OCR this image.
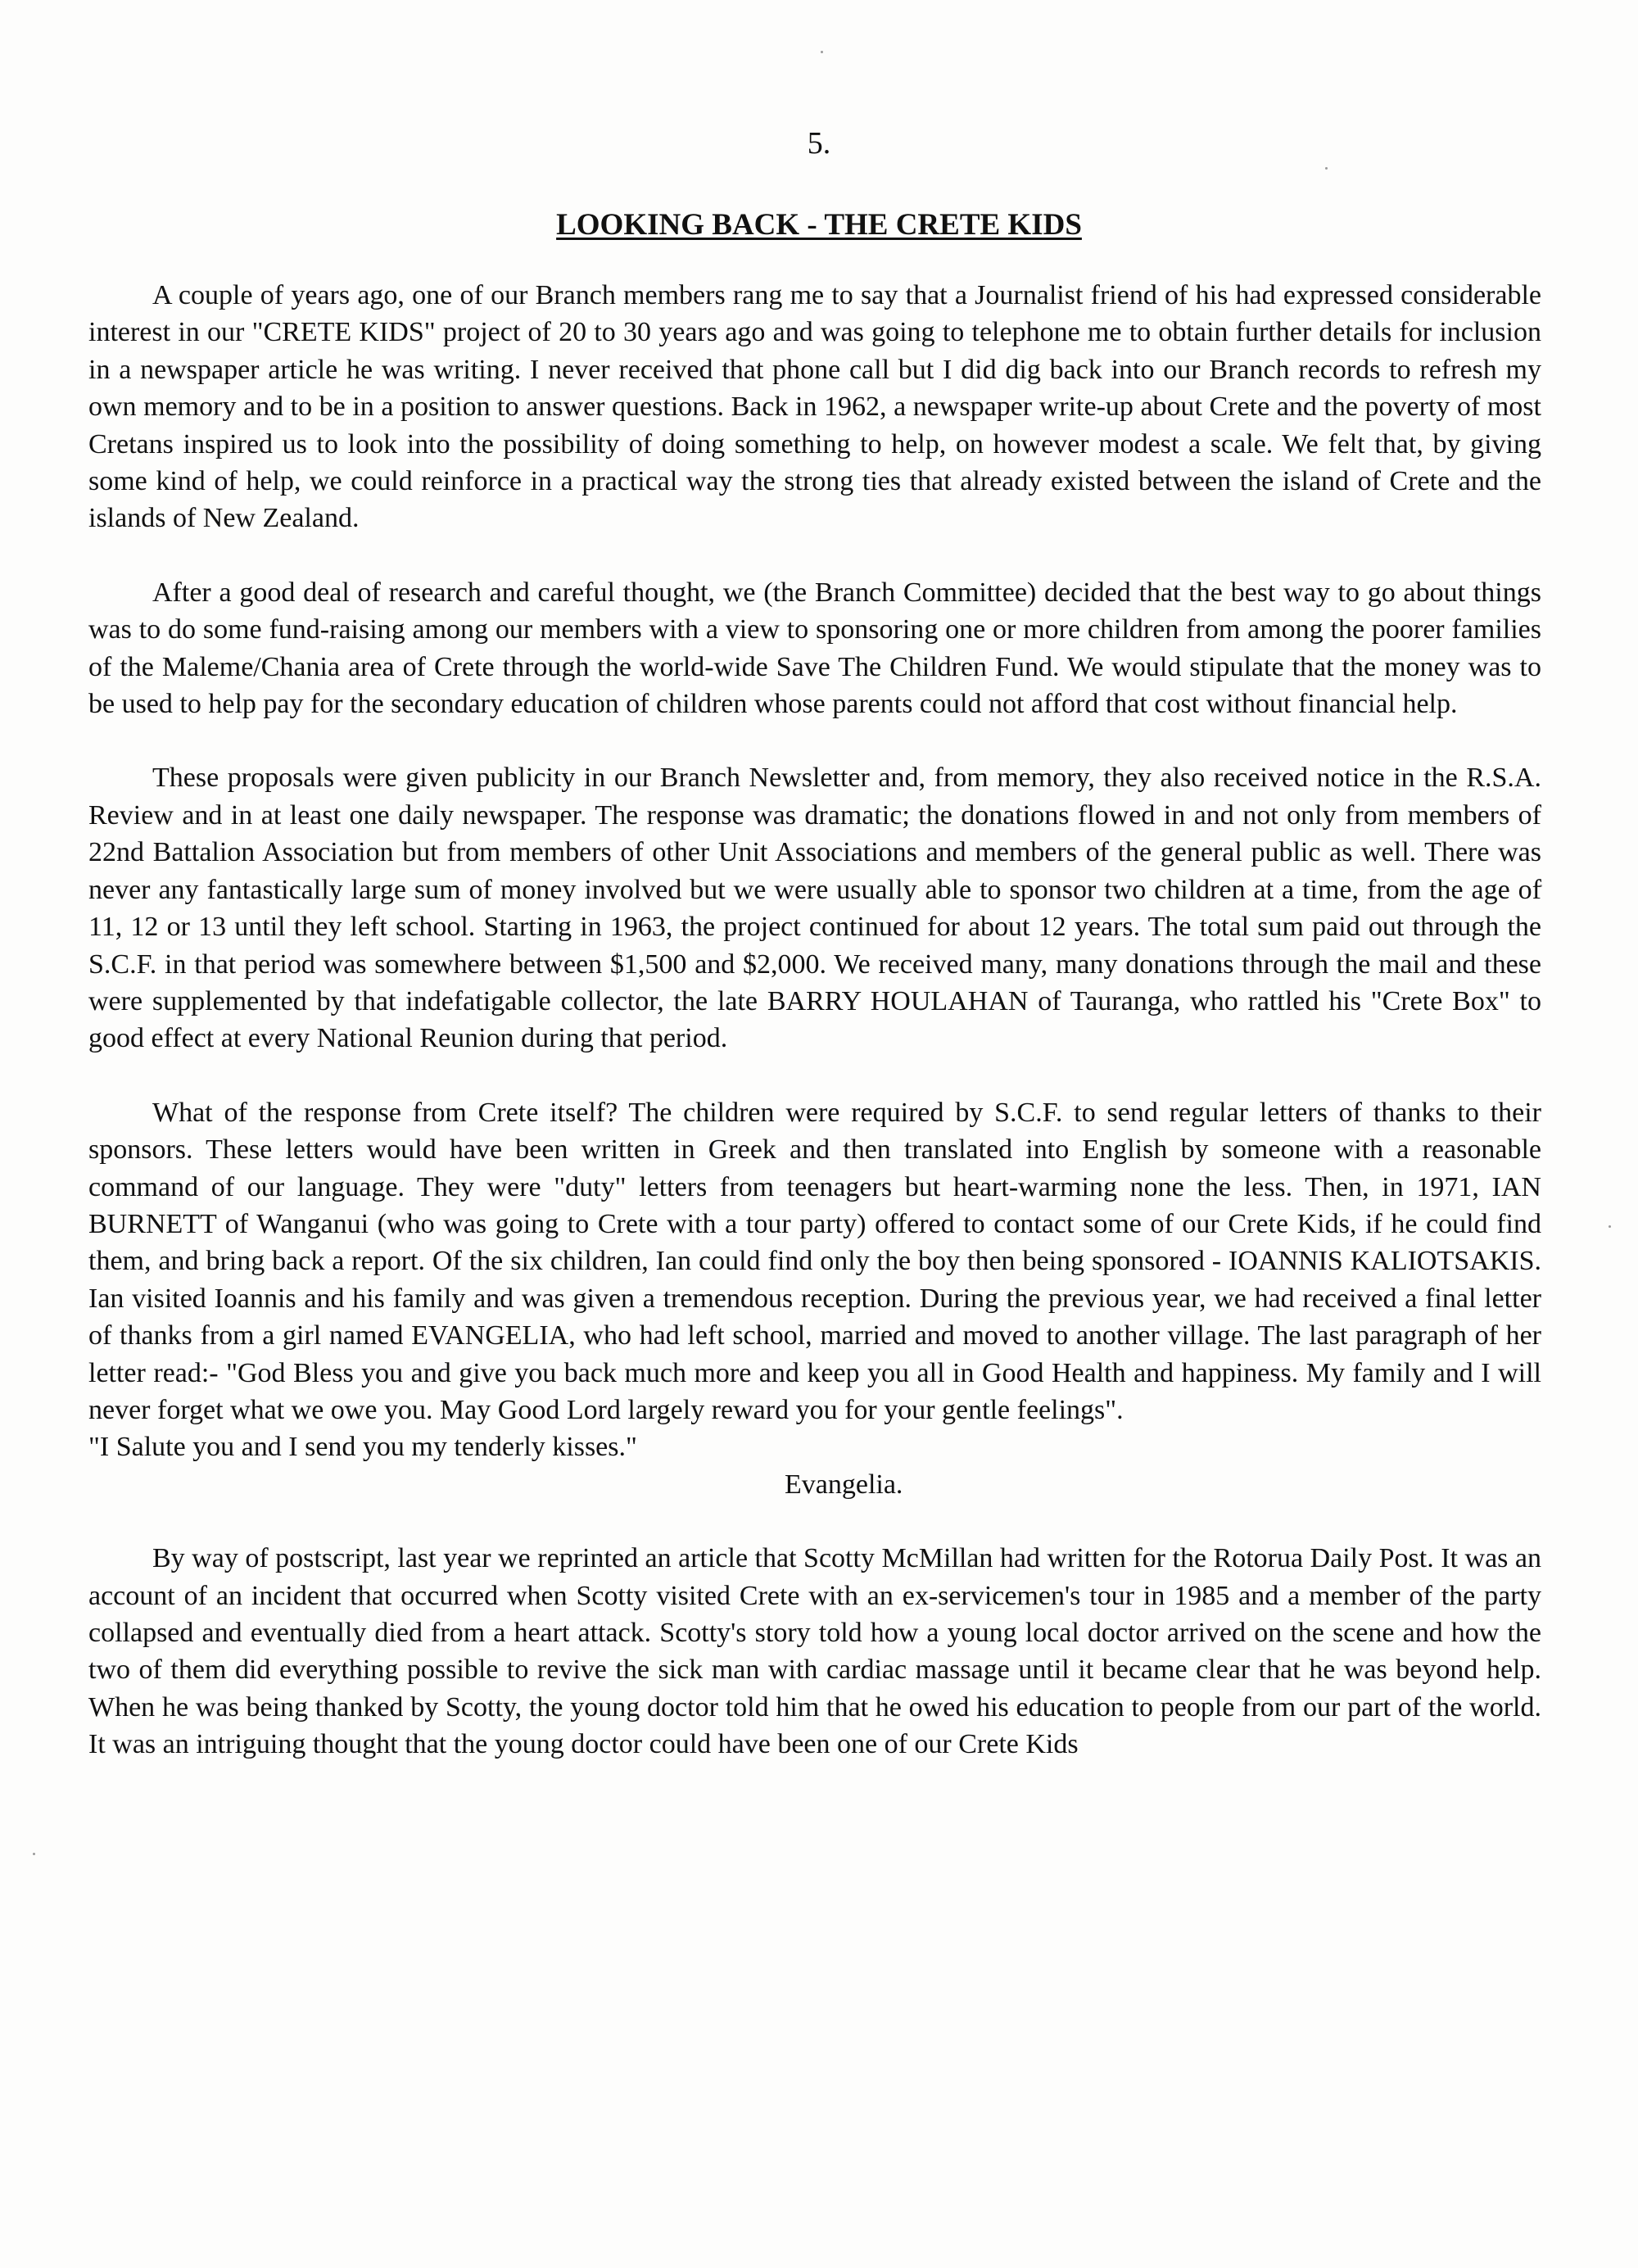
5.
LOOKING BACK - THE CRETE KIDS

A couple of years ago, one of our Branch members rang me to say that a Journalist friend of his had expressed considerable interest in our "CRETE KIDS" project of 20 to 30 years ago and was going to telephone me to obtain further details for inclusion in a newspaper article he was writing. I never received that phone call but I did dig back into our Branch records to refresh my own memory and to be in a position to answer questions. Back in 1962, a newspaper write-up about Crete and the poverty of most Cretans inspired us to look into the possibility of doing something to help, on however modest a scale. We felt that, by giving some kind of help, we could reinforce in a practical way the strong ties that already existed between the island of Crete and the islands of New Zealand.

After a good deal of research and careful thought, we (the Branch Committee) decided that the best way to go about things was to do some fund-raising among our members with a view to sponsoring one or more children from among the poorer families of the Maleme/Chania area of Crete through the world-wide Save The Children Fund. We would stipulate that the money was to be used to help pay for the secondary education of children whose parents could not afford that cost without financial help.

These proposals were given publicity in our Branch Newsletter and, from memory, they also received notice in the R.S.A. Review and in at least one daily newspaper. The response was dramatic; the donations flowed in and not only from members of 22nd Battalion Association but from members of other Unit Associations and members of the general public as well. There was never any fantastically large sum of money involved but we were usually able to sponsor two children at a time, from the age of 11, 12 or 13 until they left school. Starting in 1963, the project continued for about 12 years. The total sum paid out through the S.C.F. in that period was somewhere between $1,500 and $2,000. We received many, many donations through the mail and these were supplemented by that indefatigable collector, the late BARRY HOULAHAN of Tauranga, who rattled his "Crete Box" to good effect at every National Reunion during that period.

What of the response from Crete itself? The children were required by S.C.F. to send regular letters of thanks to their sponsors. These letters would have been written in Greek and then translated into English by someone with a reasonable command of our language. They were "duty" letters from teenagers but heart-warming none the less. Then, in 1971, IAN BURNETT of Wanganui (who was going to Crete with a tour party) offered to contact some of our Crete Kids, if he could find them, and bring back a report. Of the six children, Ian could find only the boy then being sponsored - IOANNIS KALIOTSAKIS. Ian visited Ioannis and his family and was given a tremendous reception. During the previous year, we had received a final letter of thanks from a girl named EVANGELIA, who had left school, married and moved to another village. The last paragraph of her letter read:- "God Bless you and give you back much more and keep you all in Good Health and happiness. My family and I will never forget what we owe you. May Good Lord largely reward you for your gentle feelings".

"I Salute you and I send you my tenderly kisses."

Evangelia.

By way of postscript, last year we reprinted an article that Scotty McMillan had written for the Rotorua Daily Post. It was an account of an incident that occurred when Scotty visited Crete with an ex-servicemen's tour in 1985 and a member of the party collapsed and eventually died from a heart attack. Scotty's story told how a young local doctor arrived on the scene and how the two of them did everything possible to revive the sick man with cardiac massage until it became clear that he was beyond help. When he was being thanked by Scotty, the young doctor told him that he owed his education to people from our part of the world. It was an intriguing thought that the young doctor could have been one of our Crete Kids
